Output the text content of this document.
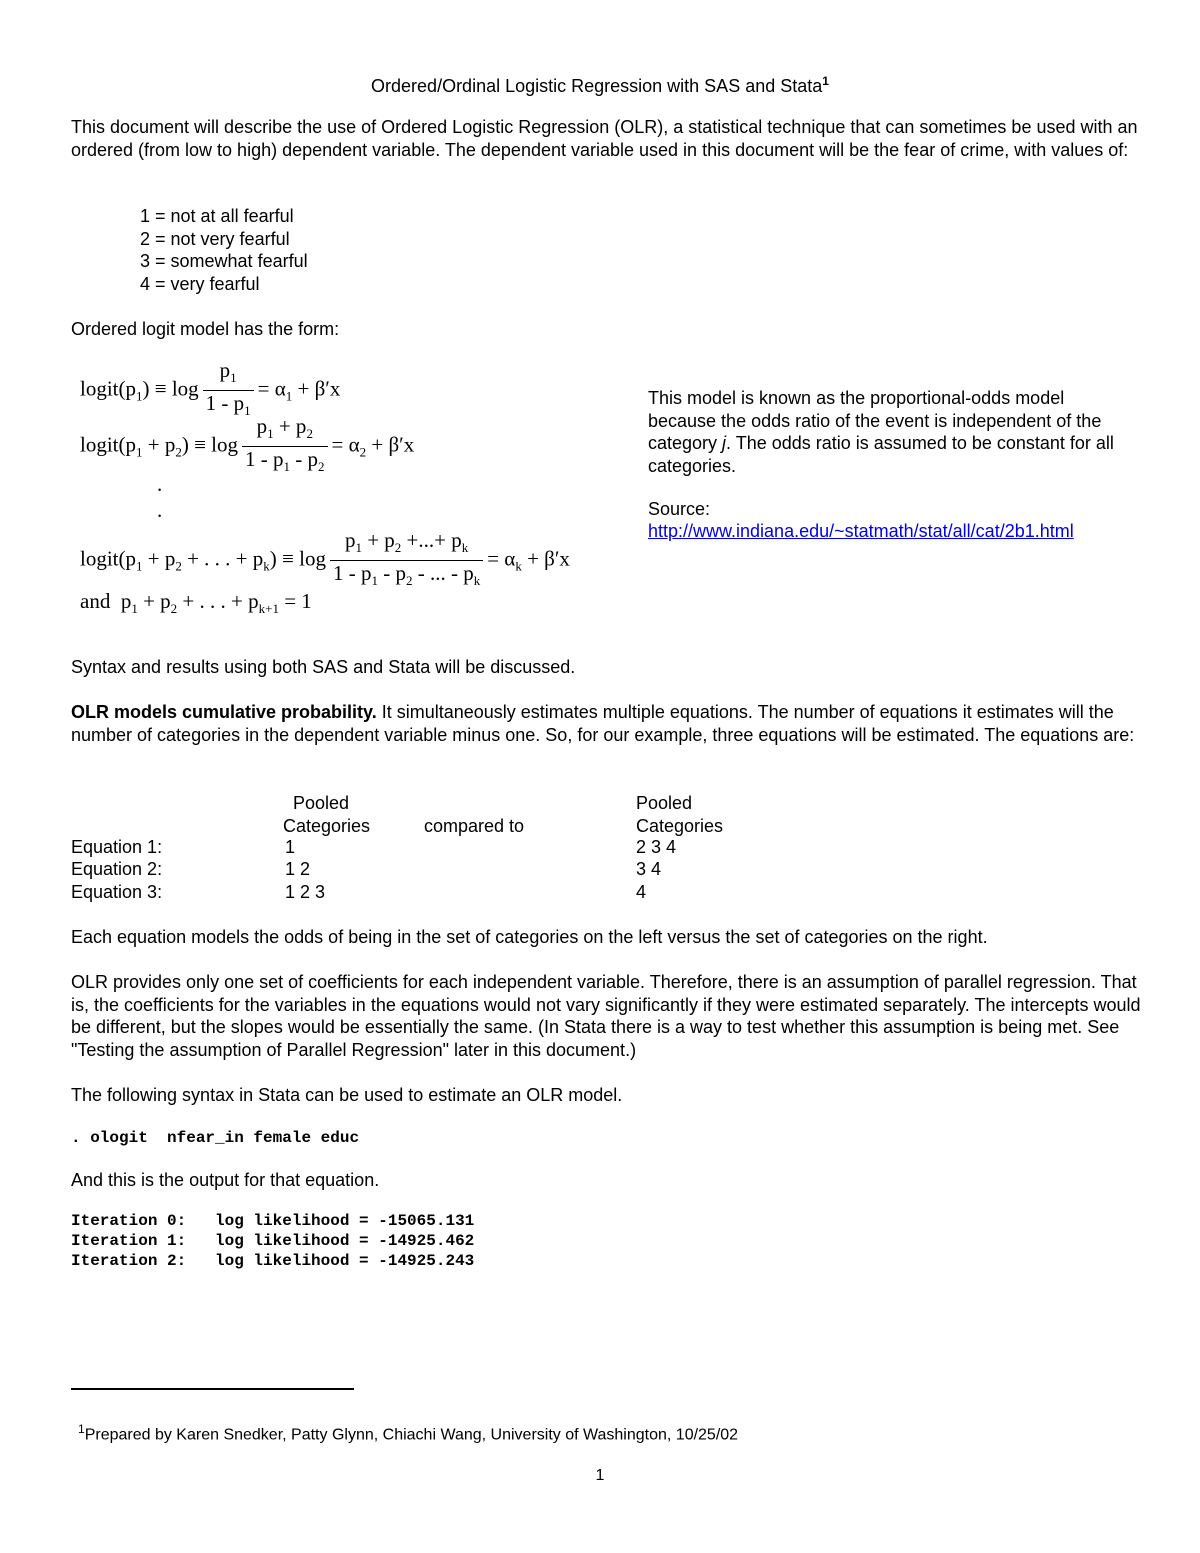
Ordered/Ordinal Logistic Regression with SAS and Stata$^1$
This document will describe the use of Ordered Logistic Regression (OLR), a statistical technique that can sometimes be used with an ordered (from low to high) dependent variable. The dependent variable used in this document will be the fear of crime, with values of:
1 = not at all fearful
2 = not very fearful
3 = somewhat fearful
4 = very fearful
Ordered logit model has the form:
$logit(p_1) \equiv \log \frac{p_1}{1 - p_1} = \alpha_1 + \beta'x$
$logit(p_1 + p_2) \equiv \log \frac{p_1 + p_2}{1 - p_1 - p_2} = \alpha_2 + \beta'x$
.
.
$logit(p_1 + p_2$ + . . . + $p_k) \equiv \log \frac{p_1 + p_2 +...+ p_k}{1 - p_1 - p_2 - ... - p_k} = \alpha_k + \beta'x$
and  $p_1 + p_2$ + . . . + $p_{k+1} = 1$
This model is known as the proportional-odds model because the odds ratio of the event is independent of the category j. The odds ratio is assumed to be constant for all categories.
Source:
http://www.indiana.edu/~statmath/stat/all/cat/2b1.html
Syntax and results using both SAS and Stata will be discussed.
OLR models cumulative probability. It simultaneously estimates multiple equations. The number of equations it estimates will the number of categories in the dependent variable minus one. So, for our example, three equations will be estimated. The equations are:
Pooled	Pooled
Categories	compared to	Categories
Equation 1:	1	2 3 4
Equation 2:	1 2	3 4
Equation 3:	1 2 3	4
Each equation models the odds of being in the set of categories on the left versus the set of categories on the right.
OLR provides only one set of coefficients for each independent variable. Therefore, there is an assumption of parallel regression. That is, the coefficients for the variables in the equations would not vary significantly if they were estimated separately. The intercepts would be different, but the slopes would be essentially the same. (In Stata there is a way to test whether this assumption is being met. See "Testing the assumption of Parallel Regression" later in this document.)
The following syntax in Stata can be used to estimate an OLR model.
. ologit  nfear_in female educ
And this is the output for that equation.
Iteration 0:   log likelihood = -15065.131
Iteration 1:   log likelihood = -14925.462
Iteration 2:   log likelihood = -14925.243
$^1$Prepared by Karen Snedker, Patty Glynn, Chiachi Wang, University of Washington, 10/25/02
1
